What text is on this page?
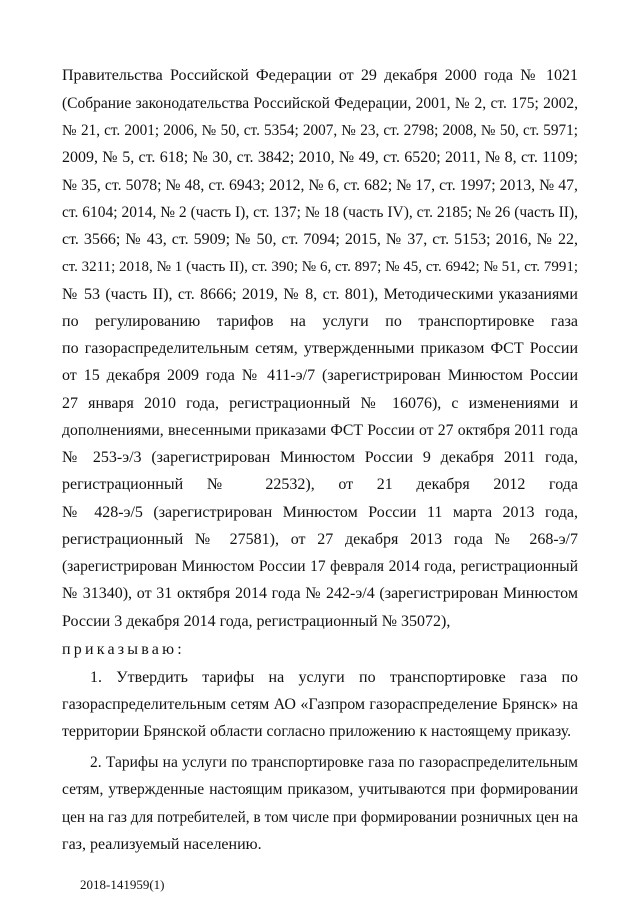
Правительства Российской Федерации от 29 декабря 2000 года № 1021
(Собрание законодательства Российской Федерации, 2001, № 2, ст. 175; 2002,
№ 21, ст. 2001; 2006, № 50, ст. 5354; 2007, № 23, ст. 2798; 2008, № 50, ст. 5971;
2009, № 5, ст. 618; № 30, ст. 3842; 2010, № 49, ст. 6520; 2011, № 8, ст. 1109;
№ 35, ст. 5078; № 48, ст. 6943; 2012, № 6, ст. 682; № 17, ст. 1997; 2013, № 47,
ст. 6104; 2014, № 2 (часть I), ст. 137; № 18 (часть IV), ст. 2185; № 26 (часть II),
ст. 3566; № 43, ст. 5909; № 50, ст. 7094; 2015, № 37, ст. 5153; 2016, № 22,
ст. 3211; 2018, № 1 (часть II), ст. 390; № 6, ст. 897; № 45, ст. 6942; № 51, ст. 7991;
№ 53 (часть II), ст. 8666; 2019, № 8, ст. 801), Методическими указаниями
по регулированию тарифов на услуги по транспортировке газа
по газораспределительным сетям, утвержденными приказом ФСТ России
от 15 декабря 2009 года № 411-э/7 (зарегистрирован Минюстом России
27 января 2010 года, регистрационный № 16076), с изменениями и
дополнениями, внесенными приказами ФСТ России от 27 октября 2011 года
№ 253-э/3 (зарегистрирован Минюстом России 9 декабря 2011 года,
регистрационный № 22532), от 21 декабря 2012 года
№ 428-э/5 (зарегистрирован Минюстом России 11 марта 2013 года,
регистрационный № 27581), от 27 декабря 2013 года № 268-э/7
(зарегистрирован Минюстом России 17 февраля 2014 года, регистрационный
№ 31340), от 31 октября 2014 года № 242-э/4 (зарегистрирован Минюстом
России 3 декабря 2014 года, регистрационный № 35072),
приказываю:
1. Утвердить тарифы на услуги по транспортировке газа по
газораспределительным сетям АО «Газпром газораспределение Брянск» на
территории Брянской области согласно приложению к настоящему приказу.
2. Тарифы на услуги по транспортировке газа по газораспределительным
сетям, утвержденные настоящим приказом, учитываются при формировании
цен на газ для потребителей, в том числе при формировании розничных цен на
газ, реализуемый населению.
2018-141959(1)
